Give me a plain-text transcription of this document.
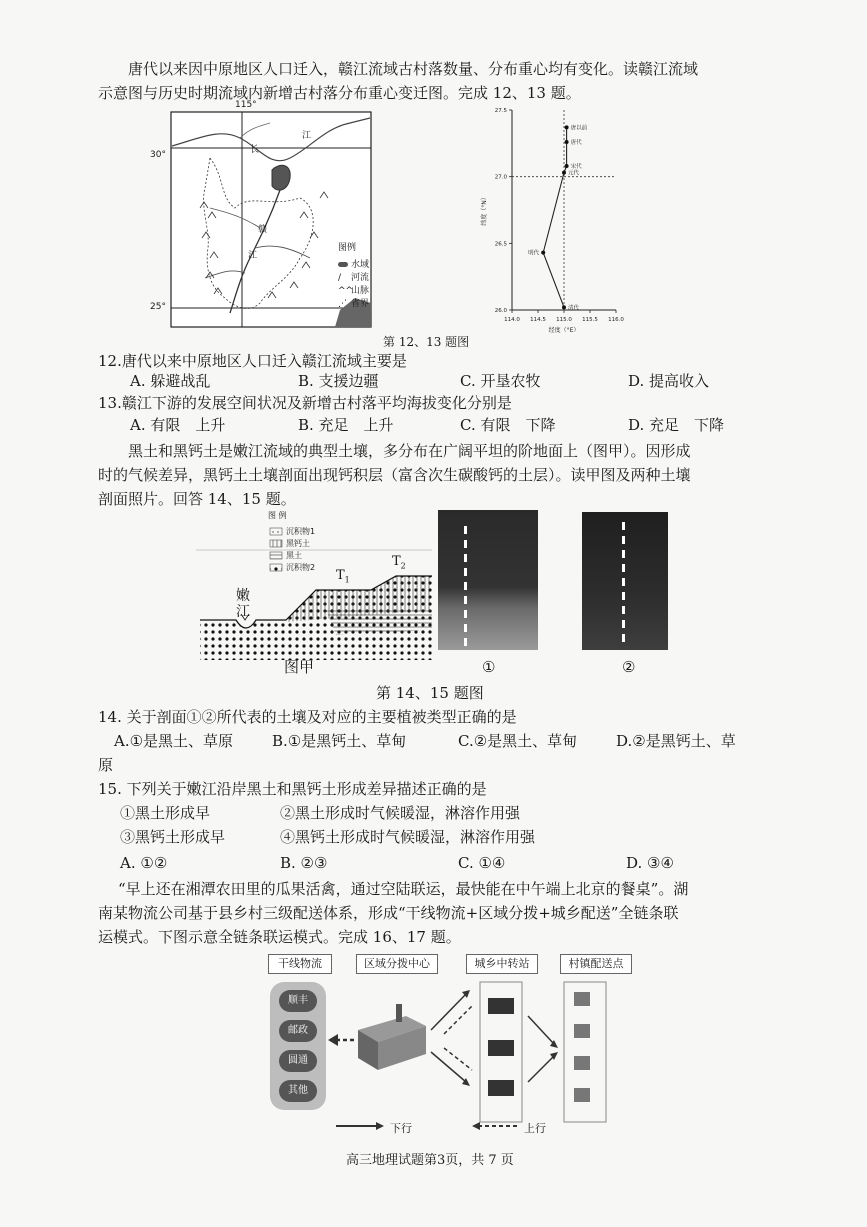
唐代以来因中原地区人口迁入，赣江流域古村落数量、分布重心均有变化。读赣江流域
示意图与历史时期流域内新增古村落分布重心变迁图。完成 12、13 题。
115°
30°
25°
长
江
赣
江
图例
水域
∕ 河流
^^山脉
⋰ 省界
114.0 114.5 115.0 115.5 116.0
26.0
26.5
27.0
27.5
经度（°E）
纬度（°N）
唐以前
唐代
宋代
元代
明代
清代
第 12、13 题图
12.唐代以来中原地区人口迁入赣江流域主要是
A. 躲避战乱	B. 支援边疆	C. 开垦农牧	D. 提高收入
13.赣江下游的发展空间状况及新增古村落平均海拔变化分别是
A. 有限　上升	B. 充足　上升	C. 有限　下降	D. 充足　下降
黑土和黑钙土是嫩江流域的典型土壤，多分布在广阔平坦的阶地面上（图甲）。因形成
时的气候差异，黑钙土土壤剖面出现钙积层（富含次生碳酸钙的土层）。读甲图及两种土壤
剖面照片。回答 14、15 题。
图 例
沉积物1
黑钙土
黑土
沉积物2
嫩
江
$T_1$
$T_2$
图甲	①	②
第 14、15 题图
14. 关于剖面①②所代表的土壤及对应的主要植被类型正确的是
A.①是黑土、草原	B.①是黑钙土、草甸	C.②是黑土、草甸	D.②是黑钙土、草
原
15. 下列关于嫩江沿岸黑土和黑钙土形成差异描述正确的是
①黑土形成早	②黑土形成时气候暖湿，淋溶作用强
③黑钙土形成早	④黑钙土形成时气候暖湿，淋溶作用强
A. ①②	B. ②③	C. ①④	D. ③④
“早上还在湘潭农田里的瓜果活禽，通过空陆联运，最快能在中午端上北京的餐桌”。湖
南某物流公司基于县乡村三级配送体系，形成“干线物流+区域分拨+城乡配送”全链条联
运模式。下图示意全链条联运模式。完成 16、17 题。
干线物流	区域分拨中心	城乡中转站	村镇配送点
顺丰
邮政
圆通
其他
下行	上行
高三地理试题第3页，共 7 页
